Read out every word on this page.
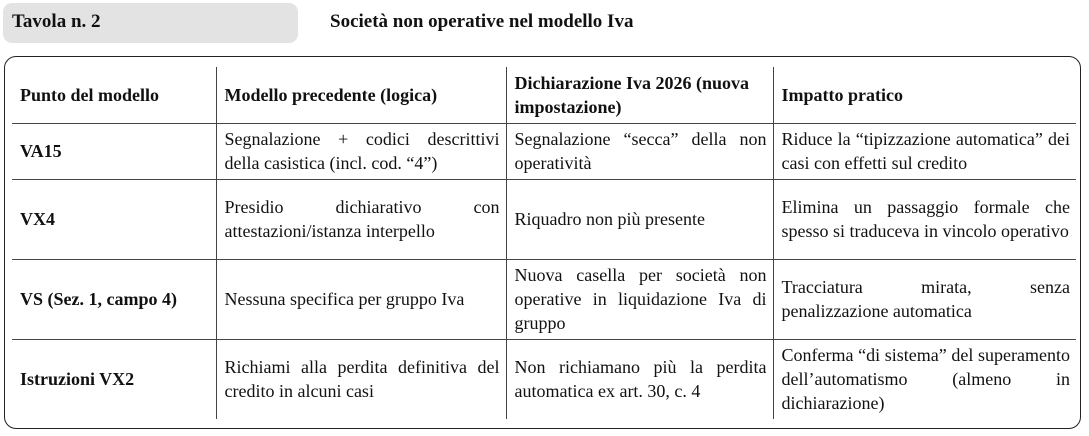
Tavola n. 2	Società non operative nel modello Iva
Punto del modello	Modello precedente (logica)	Dichiarazione Iva 2026 (nuova impostazione)	Impatto pratico
VA15	Segnalazione + codici descrittivi della casistica (incl. cod. “4”)	Segnalazione “secca” della non operatività	Riduce la “tipizzazione automatica” dei casi con effetti sul credito
VX4	Presidio dichiarativo con attestazioni/istanza interpello	Riquadro non più presente	Elimina un passaggio formale che spesso si traduceva in vincolo operativo
VS (Sez. 1, campo 4)	Nessuna specifica per gruppo Iva	Nuova casella per società non operative in liquidazione Iva di gruppo	Tracciatura mirata, senza penalizzazione automatica
Istruzioni VX2	Richiami alla perdita definitiva del credito in alcuni casi	Non richiamano più la perdita automatica ex art. 30, c. 4	Conferma “di sistema” del superamento dell’automatismo (almeno in dichiarazione)
